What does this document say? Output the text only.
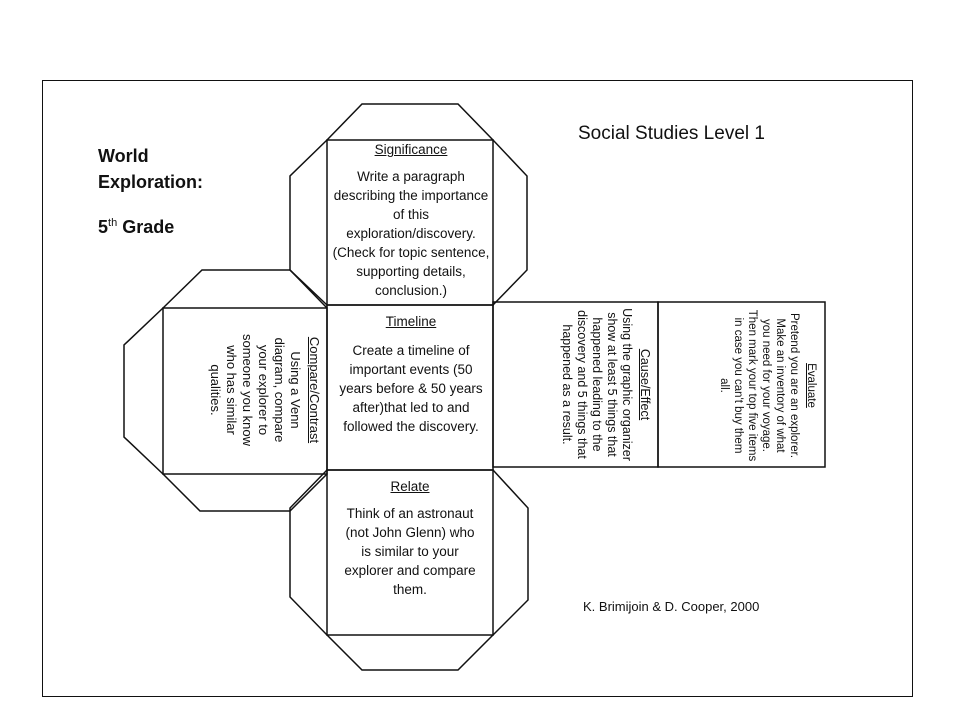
World
Exploration:
5th Grade
Social Studies Level 1
Significance
Write a paragraph describing the importance of this exploration/discovery. (Check for topic sentence, supporting details, conclusion.)
Timeline
Create a timeline of important events (50 years before & 50 years after)that led to and followed the discovery.
Relate
Think of an astronaut (not John Glenn) who is similar to your explorer and compare them.
Compare/Contrast
Using a Venn diagram, compare your explorer to someone you know who has similar qualities.	Cause/Effect
Using the graphic organizer show at least 5 things that happened leading to the discovery and 5 things that happened as a result.	Evaluate
Pretend you are an explorer. Make an inventory of what you need for your voyage. Then mark your top five items in case you can't buy them all.
K. Brimijoin & D. Cooper, 2000
